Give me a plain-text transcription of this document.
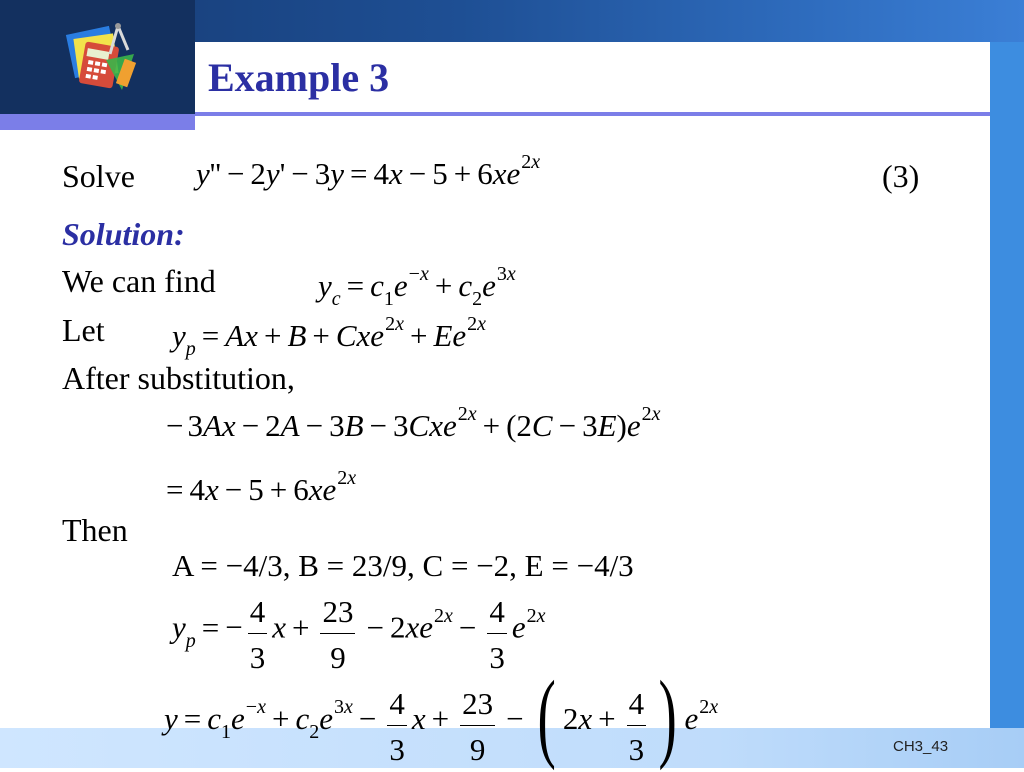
Example 3
Solve $y'' - 2y' - 3y = 4x - 5 + 6xe^{2x}$	(3)
Solution:
We can find	$y_c = c_1e^{-x} + c_2e^{3x}$
Let $y_p = Ax + B + Cxe^{2x} + Ee^{2x}$
After substitution,
− $3Ax - 2A - 3B - 3Cxe^{2x} + (2C - 3E)e^{2x}$
= $4x - 5 + 6xe^{2x}$
Then
A = −4/3, B = 23/9, C = −2, E = −4/3
$y_p$ = − $\frac{4}{3}$ $x + \frac{23}{9} - 2xe^{2x} - \frac{4}{3} e^{2x}$
$y = c_1e^{-x} + c_2e^{3x} - \frac{4}{3}$ $x + \frac{23}{9}$ − ( $2x + \frac{4}{3}$ ) $e^{2x}$
CH3_43
